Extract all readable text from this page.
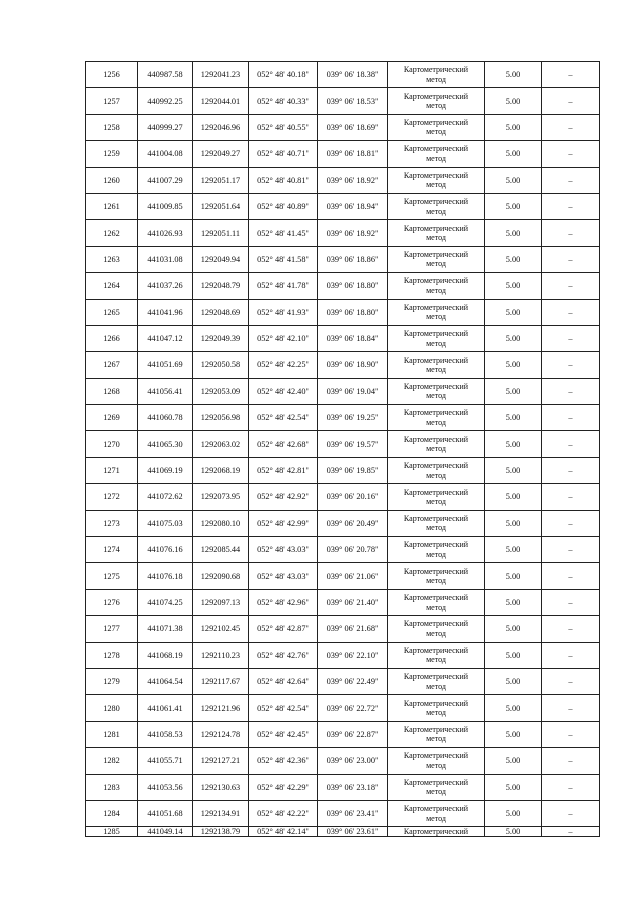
1256	440987.58	1292041.23	052° 48' 40.18"	039° 06' 18.38"	Картометрический
метод	5.00	–
1257	440992.25	1292044.01	052° 48' 40.33"	039° 06' 18.53"	Картометрический
метод	5.00	–
1258	440999.27	1292046.96	052° 48' 40.55"	039° 06' 18.69"	Картометрический
метод	5.00	–
1259	441004.08	1292049.27	052° 48' 40.71"	039° 06' 18.81"	Картометрический
метод	5.00	–
1260	441007.29	1292051.17	052° 48' 40.81"	039° 06' 18.92"	Картометрический
метод	5.00	–
1261	441009.85	1292051.64	052° 48' 40.89"	039° 06' 18.94"	Картометрический
метод	5.00	–
1262	441026.93	1292051.11	052° 48' 41.45"	039° 06' 18.92"	Картометрический
метод	5.00	–
1263	441031.08	1292049.94	052° 48' 41.58"	039° 06' 18.86"	Картометрический
метод	5.00	–
1264	441037.26	1292048.79	052° 48' 41.78"	039° 06' 18.80"	Картометрический
метод	5.00	–
1265	441041.96	1292048.69	052° 48' 41.93"	039° 06' 18.80"	Картометрический
метод	5.00	–
1266	441047.12	1292049.39	052° 48' 42.10"	039° 06' 18.84"	Картометрический
метод	5.00	–
1267	441051.69	1292050.58	052° 48' 42.25"	039° 06' 18.90"	Картометрический
метод	5.00	–
1268	441056.41	1292053.09	052° 48' 42.40"	039° 06' 19.04"	Картометрический
метод	5.00	–
1269	441060.78	1292056.98	052° 48' 42.54"	039° 06' 19.25"	Картометрический
метод	5.00	–
1270	441065.30	1292063.02	052° 48' 42.68"	039° 06' 19.57"	Картометрический
метод	5.00	–
1271	441069.19	1292068.19	052° 48' 42.81"	039° 06' 19.85"	Картометрический
метод	5.00	–
1272	441072.62	1292073.95	052° 48' 42.92"	039° 06' 20.16"	Картометрический
метод	5.00	–
1273	441075.03	1292080.10	052° 48' 42.99"	039° 06' 20.49"	Картометрический
метод	5.00	–
1274	441076.16	1292085.44	052° 48' 43.03"	039° 06' 20.78"	Картометрический
метод	5.00	–
1275	441076.18	1292090.68	052° 48' 43.03"	039° 06' 21.06"	Картометрический
метод	5.00	–
1276	441074.25	1292097.13	052° 48' 42.96"	039° 06' 21.40"	Картометрический
метод	5.00	–
1277	441071.38	1292102.45	052° 48' 42.87"	039° 06' 21.68"	Картометрический
метод	5.00	–
1278	441068.19	1292110.23	052° 48' 42.76"	039° 06' 22.10"	Картометрический
метод	5.00	–
1279	441064.54	1292117.67	052° 48' 42.64"	039° 06' 22.49"	Картометрический
метод	5.00	–
1280	441061.41	1292121.96	052° 48' 42.54"	039° 06' 22.72"	Картометрический
метод	5.00	–
1281	441058.53	1292124.78	052° 48' 42.45"	039° 06' 22.87"	Картометрический
метод	5.00	–
1282	441055.71	1292127.21	052° 48' 42.36"	039° 06' 23.00"	Картометрический
метод	5.00	–
1283	441053.56	1292130.63	052° 48' 42.29"	039° 06' 23.18"	Картометрический
метод	5.00	–
1284	441051.68	1292134.91	052° 48' 42.22"	039° 06' 23.41"	Картометрический
метод	5.00	–
1285	441049.14	1292138.79	052° 48' 42.14"	039° 06' 23.61"	Картометрический	5.00	–
